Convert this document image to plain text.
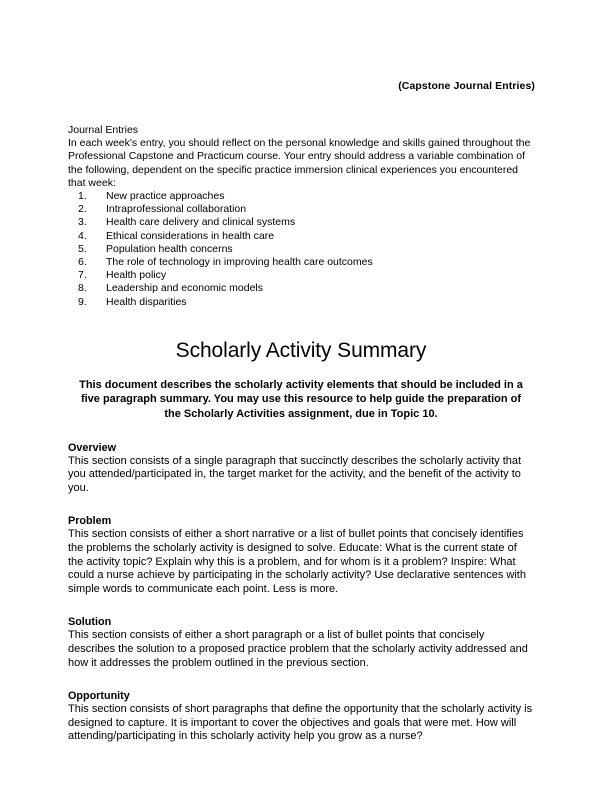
(Capstone Journal Entries)
Journal Entries

In each week's entry, you should reflect on the personal knowledge and skills gained throughout the Professional Capstone and Practicum course. Your entry should address a variable combination of the following, dependent on the specific practice immersion clinical experiences you encountered that week:

1.	New practice approaches
2.	Intraprofessional collaboration
3.	Health care delivery and clinical systems
4.	Ethical considerations in health care
5.	Population health concerns
6.	The role of technology in improving health care outcomes
7.	Health policy
8.	Leadership and economic models
9.	Health disparities
Scholarly Activity Summary

This document describes the scholarly activity elements that should be included in a five paragraph summary. You may use this resource to help guide the preparation of the Scholarly Activities assignment, due in Topic 10.

Overview

This section consists of a single paragraph that succinctly describes the scholarly activity that you attended/participated in, the target market for the activity, and the benefit of the activity to you.

Problem

This section consists of either a short narrative or a list of bullet points that concisely identifies the problems the scholarly activity is designed to solve. Educate: What is the current state of the activity topic? Explain why this is a problem, and for whom is it a problem? Inspire: What could a nurse achieve by participating in the scholarly activity? Use declarative sentences with simple words to communicate each point. Less is more.

Solution

This section consists of either a short paragraph or a list of bullet points that concisely describes the solution to a proposed practice problem that the scholarly activity addressed and how it addresses the problem outlined in the previous section.

Opportunity

This section consists of short paragraphs that define the opportunity that the scholarly activity is designed to capture. It is important to cover the objectives and goals that were met. How will attending/participating in this scholarly activity help you grow as a nurse?
